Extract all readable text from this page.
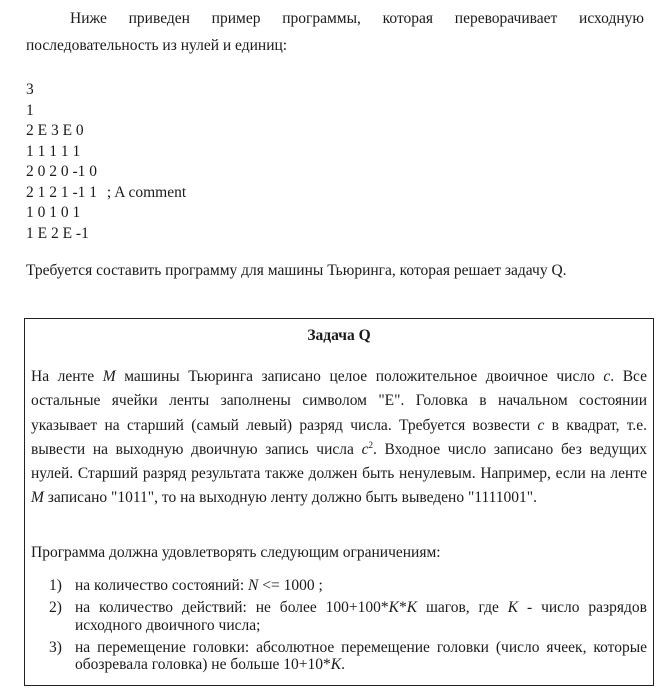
Ниже приведен пример программы, которая переворачивает исходную последовательность из нулей и единиц:

3
1
2 E 3 E 0
1 1 1 1 1
2 0 2 0 -1 0
2 1 2 1 -1 1 ; A comment
1 0 1 0 1
1 E 2 E -1

Требуется составить программу для машины Тьюринга, которая решает задачу Q.

Задача Q

На ленте M машины Тьюринга записано целое положительное двоичное число c. Все остальные ячейки ленты заполнены символом "E". Головка в начальном состоянии указывает на старший (самый левый) разряд числа. Требуется возвести c в квадрат, т.е. вывести на выходную двоичную запись числа $c^2$. Входное число записано без ведущих нулей. Старший разряд результата также должен быть ненулевым. Например, если на ленте M записано "1011", то на выходную ленту должно быть выведено "1111001".

Программа должна удовлетворять следующим ограничениям:

1) на количество состояний: N <= 1000 ;
2) на количество действий: не более 100+100*K*K шагов, где K - число разрядов исходного двоичного числа;
3) на перемещение головки: абсолютное перемещение головки (число ячеек, которые обозревала головка) не больше 10+10*K.
